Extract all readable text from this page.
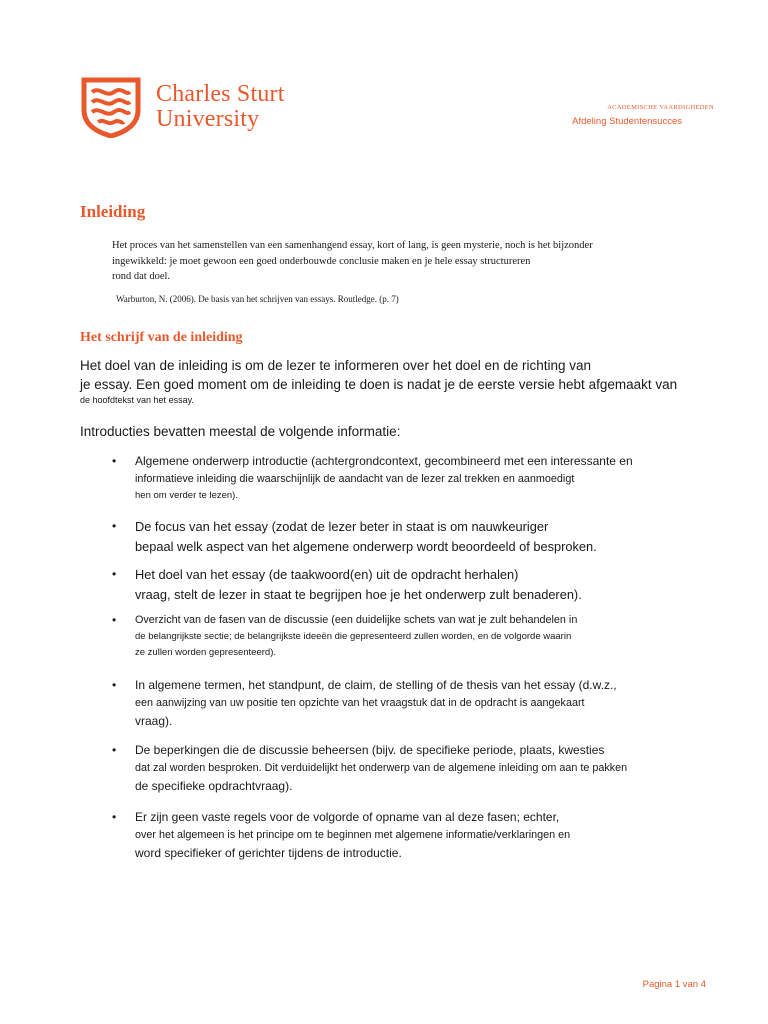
Charles Sturt
University	ACADEMISCHE VAARDIGHEDEN
Afdeling Studentensucces
Inleiding
Het proces van het samenstellen van een samenhangend essay, kort of lang, is geen mysterie, noch is het bijzonder
ingewikkeld: je moet gewoon een goed onderbouwde conclusie maken en je hele essay structureren
rond dat doel.
Warburton, N. (2006). De basis van het schrijven van essays. Routledge. (p. 7)
Het schrijf van de inleiding
Het doel van de inleiding is om de lezer te informeren over het doel en de richting van
je essay. Een goed moment om de inleiding te doen is nadat je de eerste versie hebt afgemaakt van
de hoofdtekst van het essay.
Introducties bevatten meestal de volgende informatie:
• Algemene onderwerp introductie (achtergrondcontext, gecombineerd met een interessante en
informatieve inleiding die waarschijnlijk de aandacht van de lezer zal trekken en aanmoedigt
hen om verder te lezen).
• De focus van het essay (zodat de lezer beter in staat is om nauwkeuriger
bepaal welk aspect van het algemene onderwerp wordt beoordeeld of besproken.
• Het doel van het essay (de taakwoord(en) uit de opdracht herhalen)
vraag, stelt de lezer in staat te begrijpen hoe je het onderwerp zult benaderen).
• Overzicht van de fasen van de discussie (een duidelijke schets van wat je zult behandelen in
de belangrijkste sectie; de belangrijkste ideeën die gepresenteerd zullen worden, en de volgorde waarin
ze zullen worden gepresenteerd).
• In algemene termen, het standpunt, de claim, de stelling of de thesis van het essay (d.w.z.,
een aanwijzing van uw positie ten opzichte van het vraagstuk dat in de opdracht is aangekaart
vraag).
• De beperkingen die de discussie beheersen (bijv. de specifieke periode, plaats, kwesties
dat zal worden besproken. Dit verduidelijkt het onderwerp van de algemene inleiding om aan te pakken
de specifieke opdrachtvraag).
• Er zijn geen vaste regels voor de volgorde of opname van al deze fasen; echter,
over het algemeen is het principe om te beginnen met algemene informatie/verklaringen en
word specifieker of gerichter tijdens de introductie.
Pagina 1 van 4
